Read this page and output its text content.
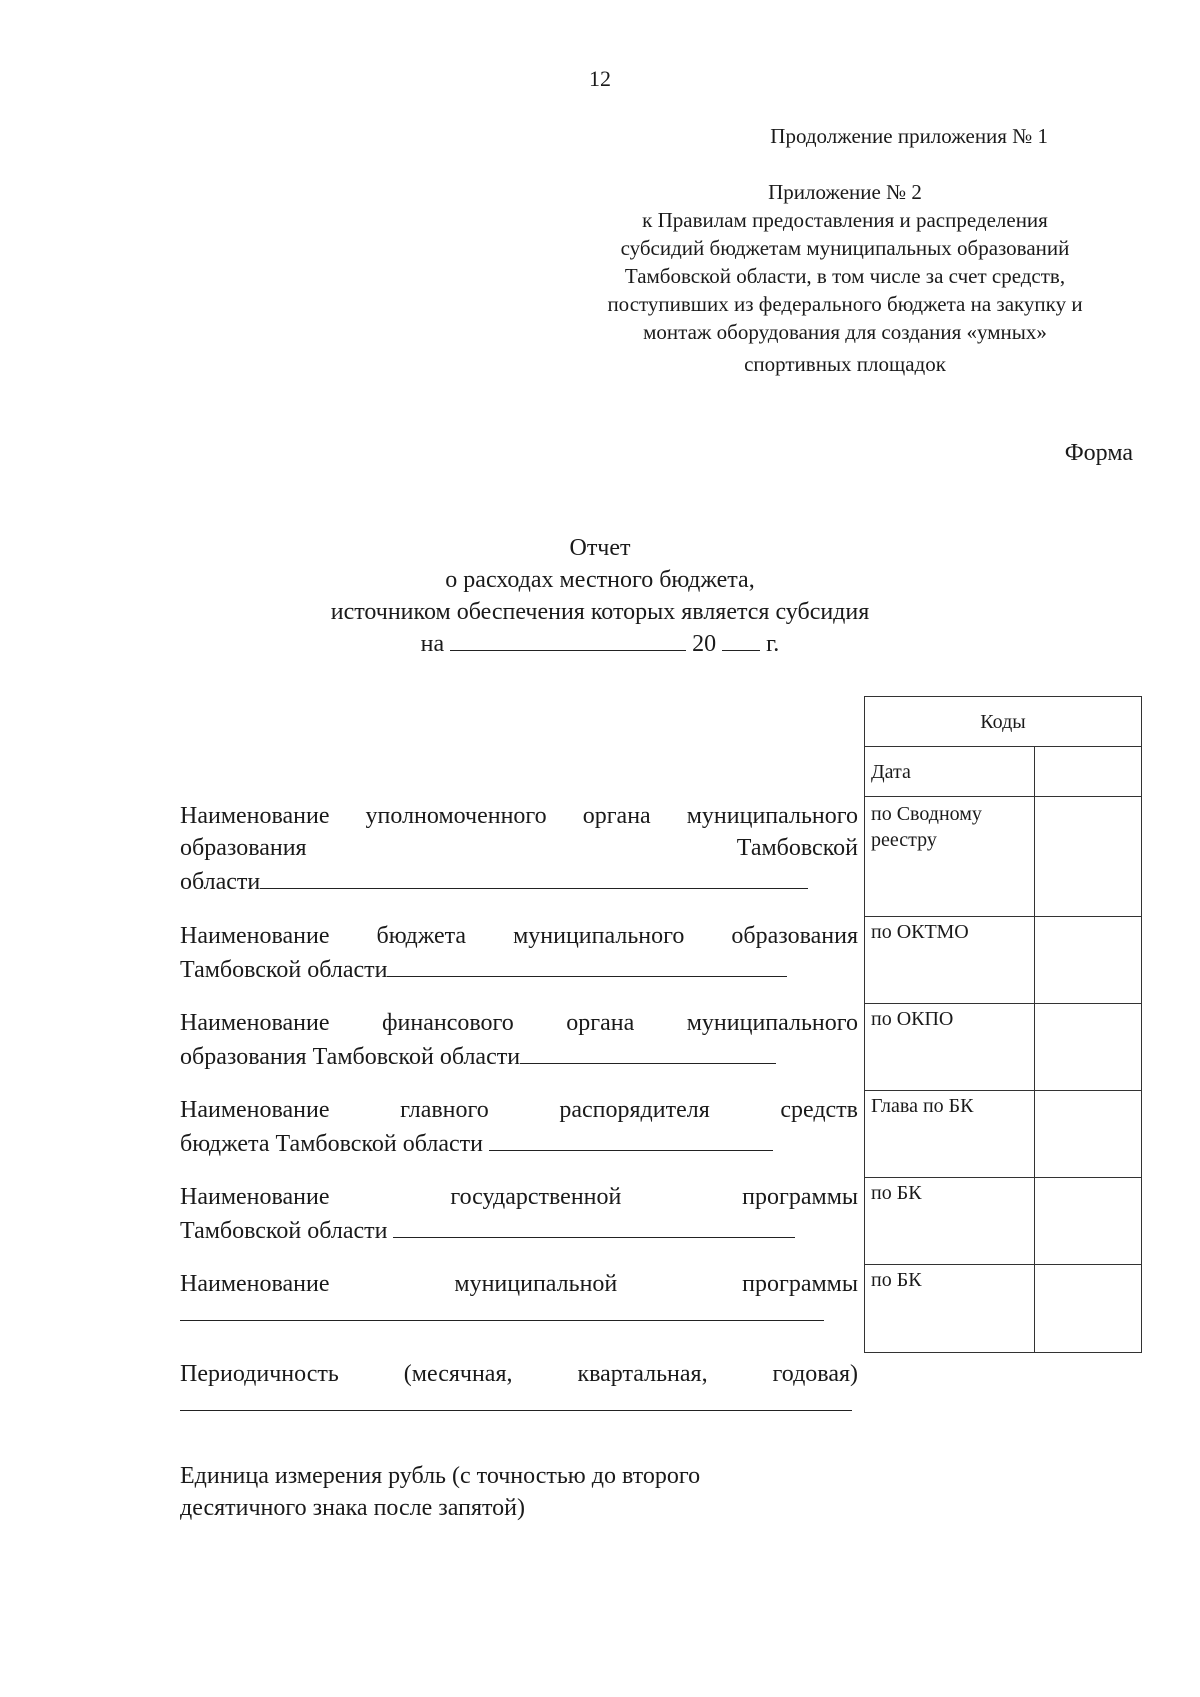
12
Продолжение приложения № 1
Приложение № 2
к Правилам предоставления и распределения
субсидий бюджетам муниципальных образований
Тамбовской области, в том числе за счет средств,
поступивших из федерального бюджета на закупку и
монтаж оборудования для создания «умных»
спортивных площадок
Форма
Отчет
о расходах местного бюджета,
источником обеспечения которых является субсидия
на	20 г.
Наименование уполномоченного органа муниципального образования Тамбовской
области
Наименование бюджета муниципального образования
Тамбовской области
Наименование финансового органа муниципального
образования Тамбовской области
Наименование главного распорядителя средств
бюджета Тамбовской области
Наименование государственной программы
Тамбовской области
Наименование муниципальной программы
Периодичность (месячная, квартальная, годовая)
Коды	
Дата	
по Сводному реестру	
по ОКТМО	
по ОКПО	
Глава по БК	
по БК	
по БК	
Единица измерения рубль (с точностью до второго
десятичного знака после запятой)
